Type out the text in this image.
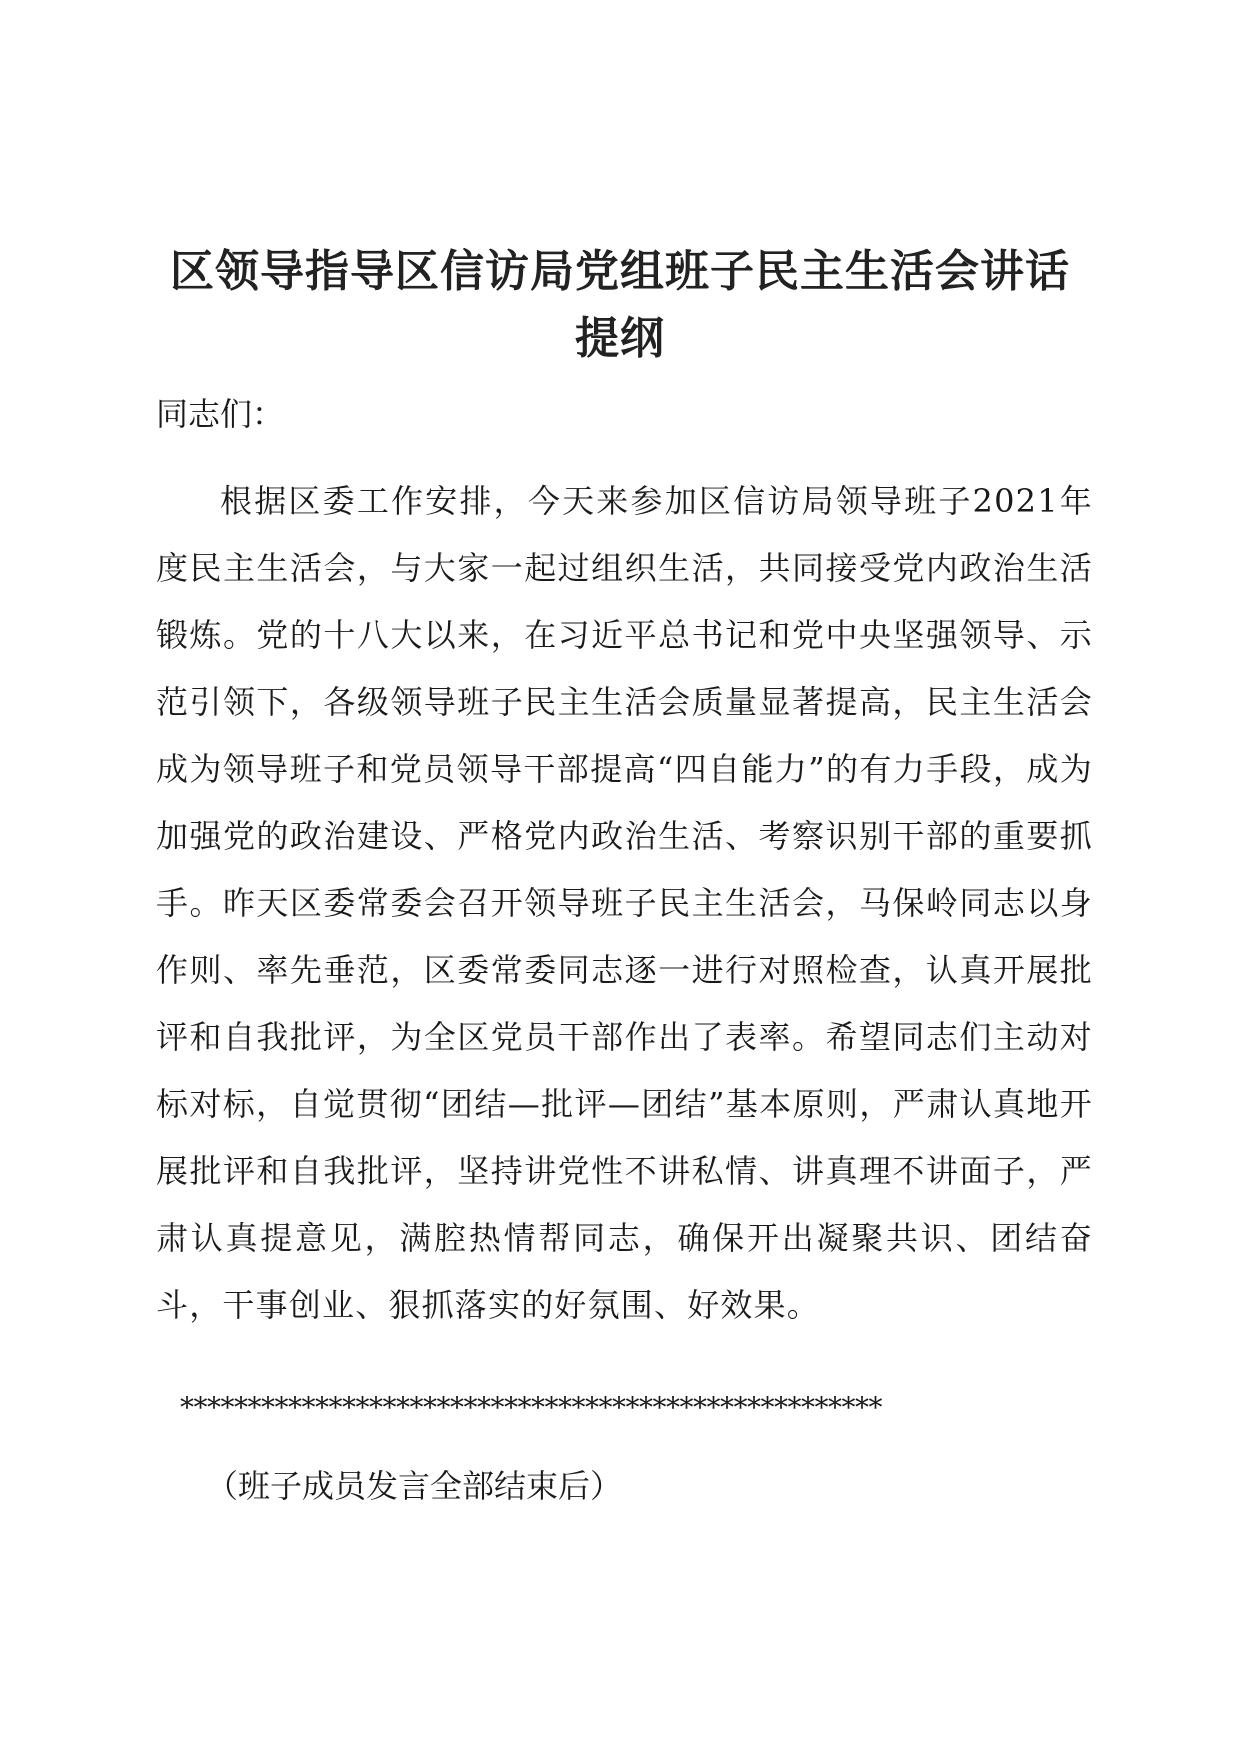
区领导指导区信访局党组班子民主生活会讲话提纲

同志们：

根据区委工作安排，今天来参加区信访局领导班子2021年度民主生活会，与大家一起过组织生活，共同接受党内政治生活锻炼。党的十八大以来，在习近平总书记和党中央坚强领导、示范引领下，各级领导班子民主生活会质量显著提高，民主生活会成为领导班子和党员领导干部提高“四自能力”的有力手段，成为加强党的政治建设、严格党内政治生活、考察识别干部的重要抓手。昨天区委常委会召开领导班子民主生活会，马保岭同志以身作则、率先垂范，区委常委同志逐一进行对照检查，认真开展批评和自我批评，为全区党员干部作出了表率。希望同志们主动对标对标，自觉贯彻“团结—批评—团结”基本原则，严肃认真地开展批评和自我批评，坚持讲党性不讲私情、讲真理不讲面子，严肃认真提意见，满腔热情帮同志，确保开出凝聚共识、团结奋斗，干事创业、狠抓落实的好氛围、好效果。

****************************************************

（班子成员发言全部结束后）
